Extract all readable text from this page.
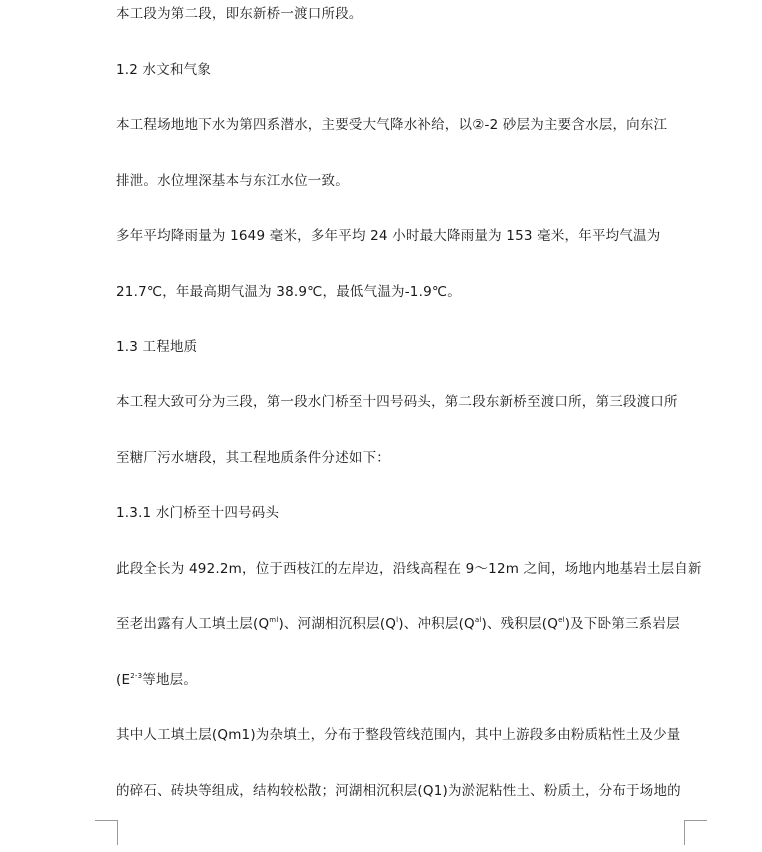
本工段为第二段，即东新桥一渡口所段。
1.2 水文和气象
本工程场地地下水为第四系潜水，主要受大气降水补给，以②-2 砂层为主要含水层，向东江
排泄。水位埋深基本与东江水位一致。
多年平均降雨量为 1649 毫米，多年平均 24 小时最大降雨量为 153 毫米，年平均气温为
21.7℃，年最高期气温为 38.9℃，最低气温为-1.9℃。
1.3 工程地质
本工程大致可分为三段，第一段水门桥至十四号码头，第二段东新桥至渡口所，第三段渡口所
至糖厂污水塘段，其工程地质条件分述如下：
1.3.1 水门桥至十四号码头
此段全长为 492.2m，位于西枝江的左岸边，沿线高程在 9～12m 之间，场地内地基岩土层自新
至老出露有人工填土层$(Q^{ml})$、河湖相沉积层$(Q^l)$、冲积层$(Q^{al})$、残积层$(Q^{el})$及下卧第三系岩层
($E^{2-3}$等地层。
其中人工填土层(Qm1)为杂填土，分布于整段管线范围内，其中上游段多由粉质粘性土及少量
的碎石、砖块等组成，结构较松散；河湖相沉积层(Q1)为淤泥粘性土、粉质土，分布于场地的
